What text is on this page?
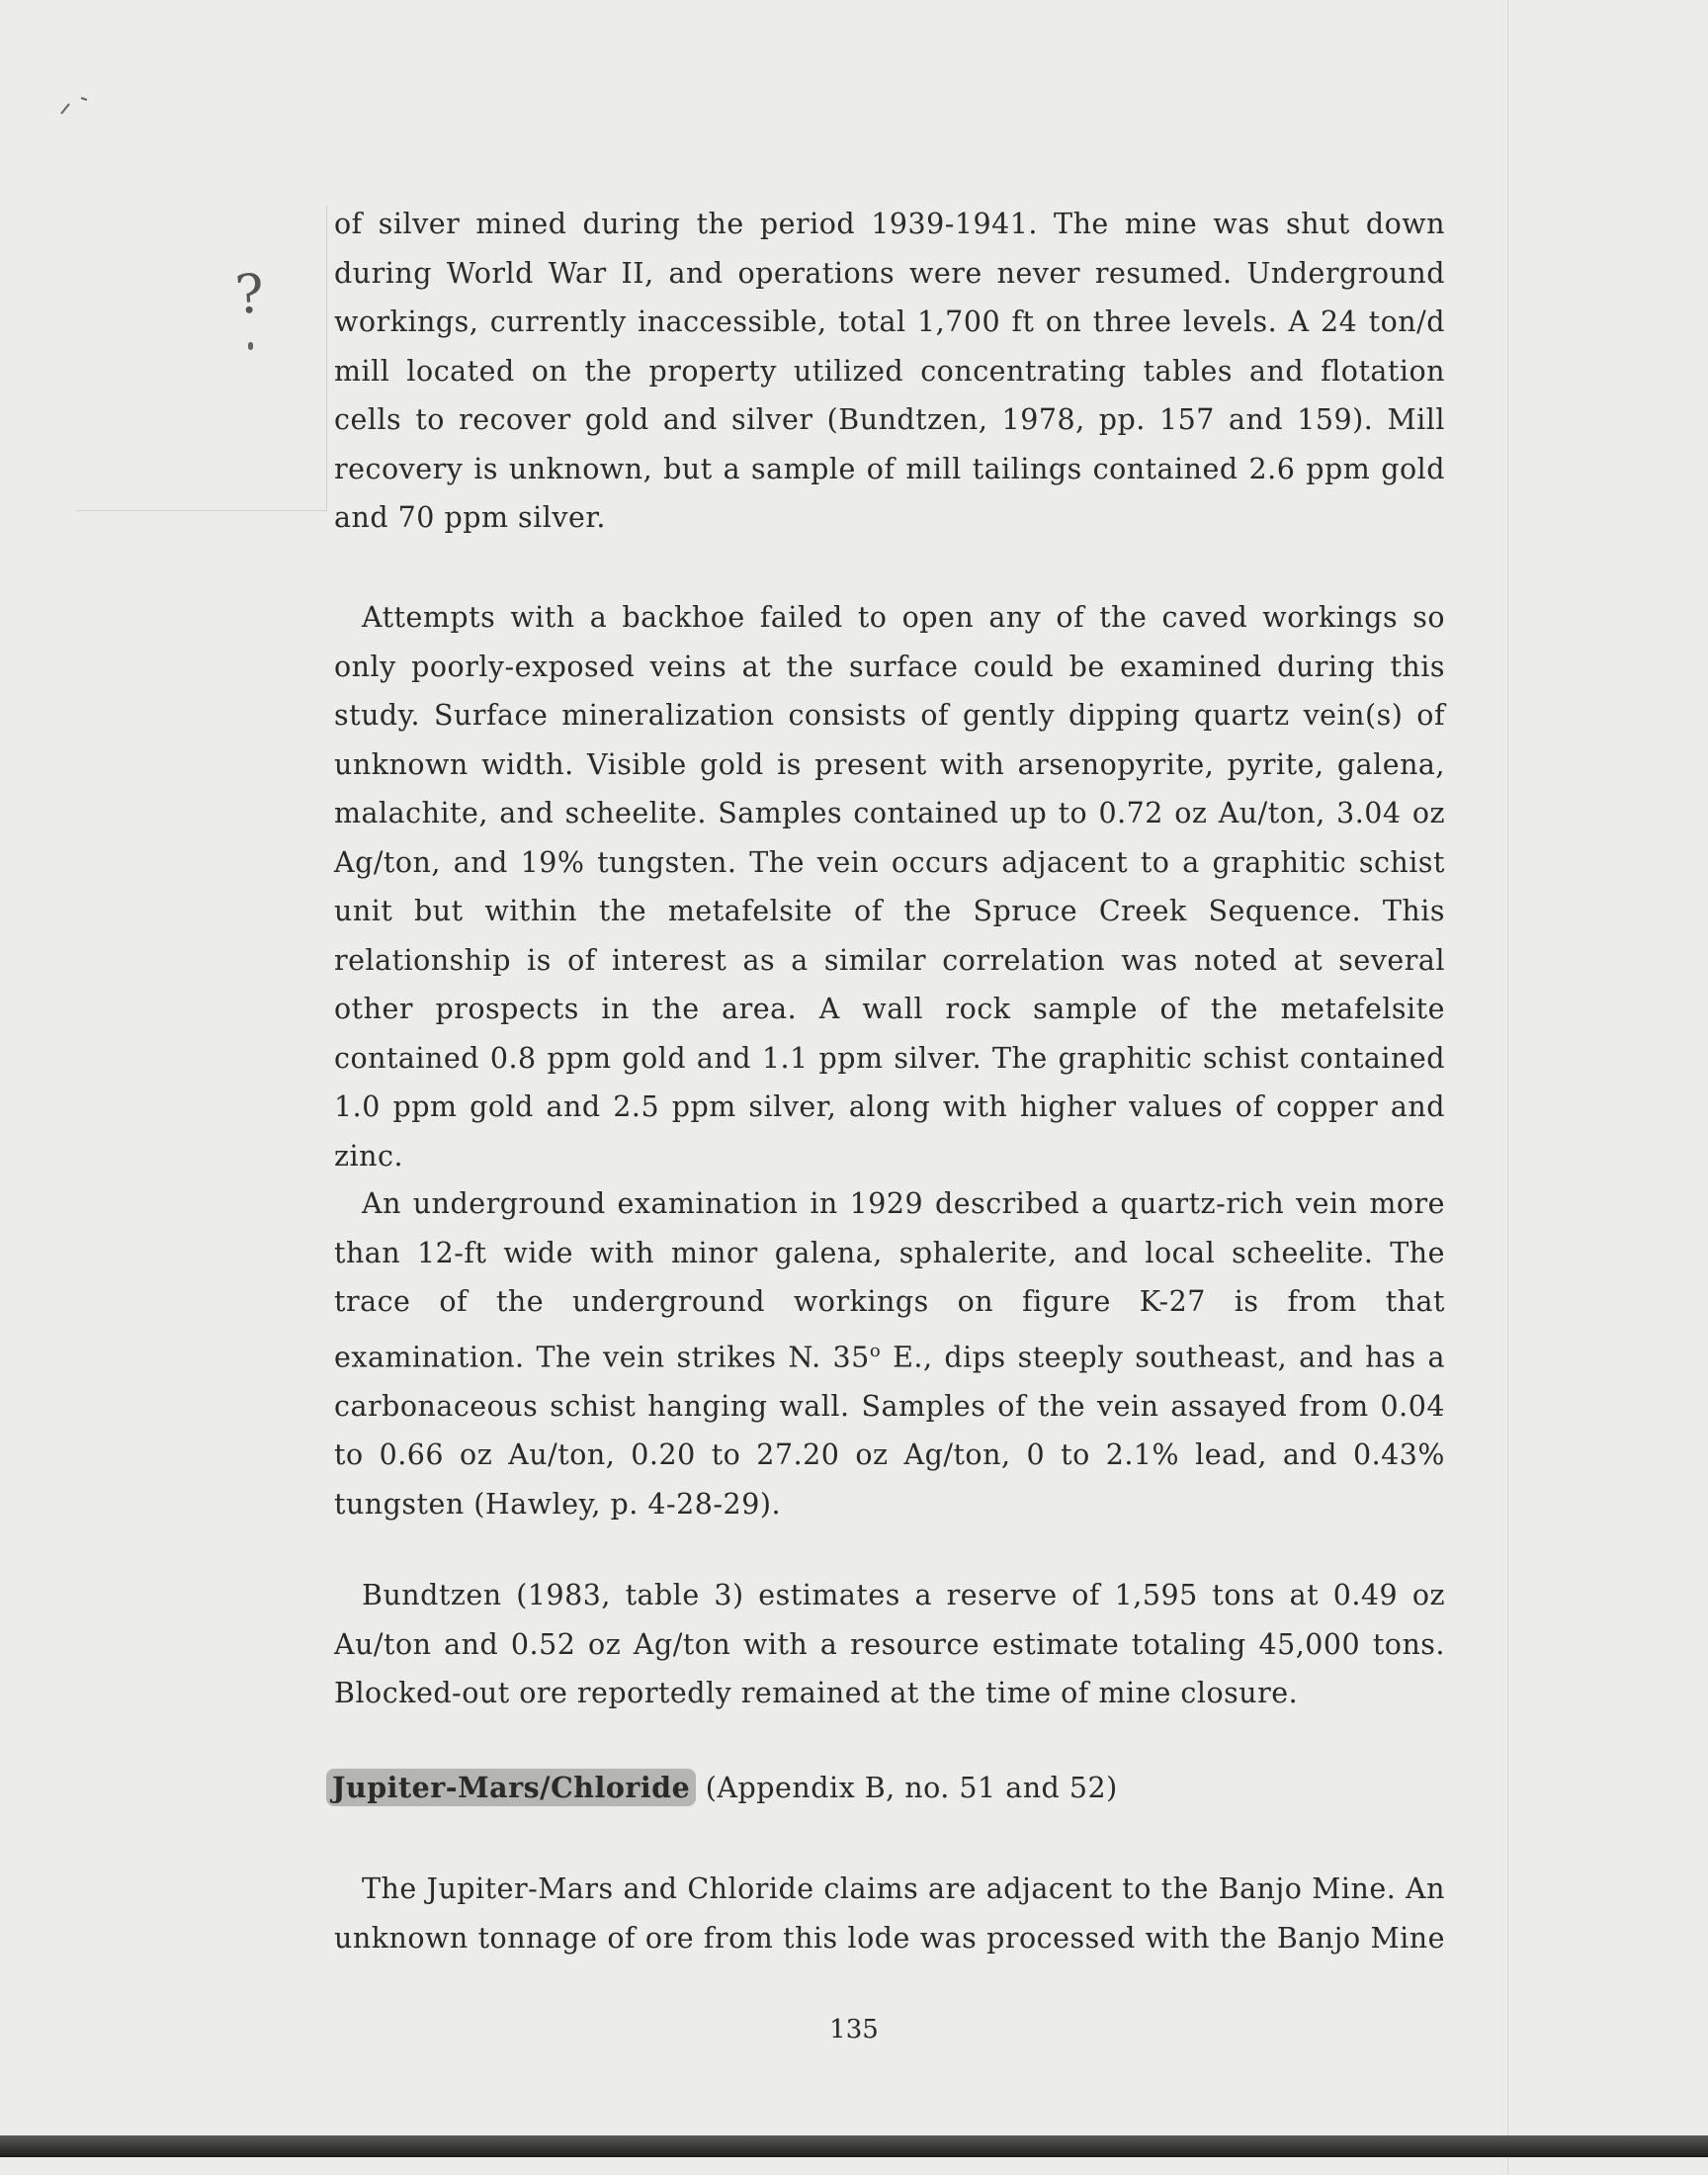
?

of silver mined during the period 1939-1941. The mine was shut down during World War II, and operations were never resumed. Underground workings, currently inaccessible, total 1,700 ft on three levels. A 24 ton/d mill located on the property utilized concentrating tables and flotation cells to recover gold and silver (Bundtzen, 1978, pp. 157 and 159). Mill recovery is unknown, but a sample of mill tailings contained 2.6 ppm gold and 70 ppm silver.

Attempts with a backhoe failed to open any of the caved workings so only poorly-exposed veins at the surface could be examined during this study. Surface mineralization consists of gently dipping quartz vein(s) of unknown width. Visible gold is present with arsenopyrite, pyrite, galena, malachite, and scheelite. Samples contained up to 0.72 oz Au/ton, 3.04 oz Ag/ton, and 19% tungsten. The vein occurs adjacent to a graphitic schist unit but within the metafelsite of the Spruce Creek Sequence. This relationship is of interest as a similar correlation was noted at several other prospects in the area. A wall rock sample of the metafelsite contained 0.8 ppm gold and 1.1 ppm silver. The graphitic schist contained 1.0 ppm gold and 2.5 ppm silver, along with higher values of copper and zinc.

An underground examination in 1929 described a quartz-rich vein more than 12-ft wide with minor galena, sphalerite, and local scheelite. The trace of the underground workings on figure K-27 is from that examination. The vein strikes N. 35$^o$ E., dips steeply southeast, and has a carbonaceous schist hanging wall. Samples of the vein assayed from 0.04 to 0.66 oz Au/ton, 0.20 to 27.20 oz Ag/ton, 0 to 2.1% lead, and 0.43% tungsten (Hawley, p. 4-28-29).

Bundtzen (1983, table 3) estimates a reserve of 1,595 tons at 0.49 oz Au/ton and 0.52 oz Ag/ton with a resource estimate totaling 45,000 tons. Blocked-out ore reportedly remained at the time of mine closure.

Jupiter-Mars/Chloride (Appendix B, no. 51 and 52)

The Jupiter-Mars and Chloride claims are adjacent to the Banjo Mine. An unknown tonnage of ore from this lode was processed with the Banjo Mine

135
